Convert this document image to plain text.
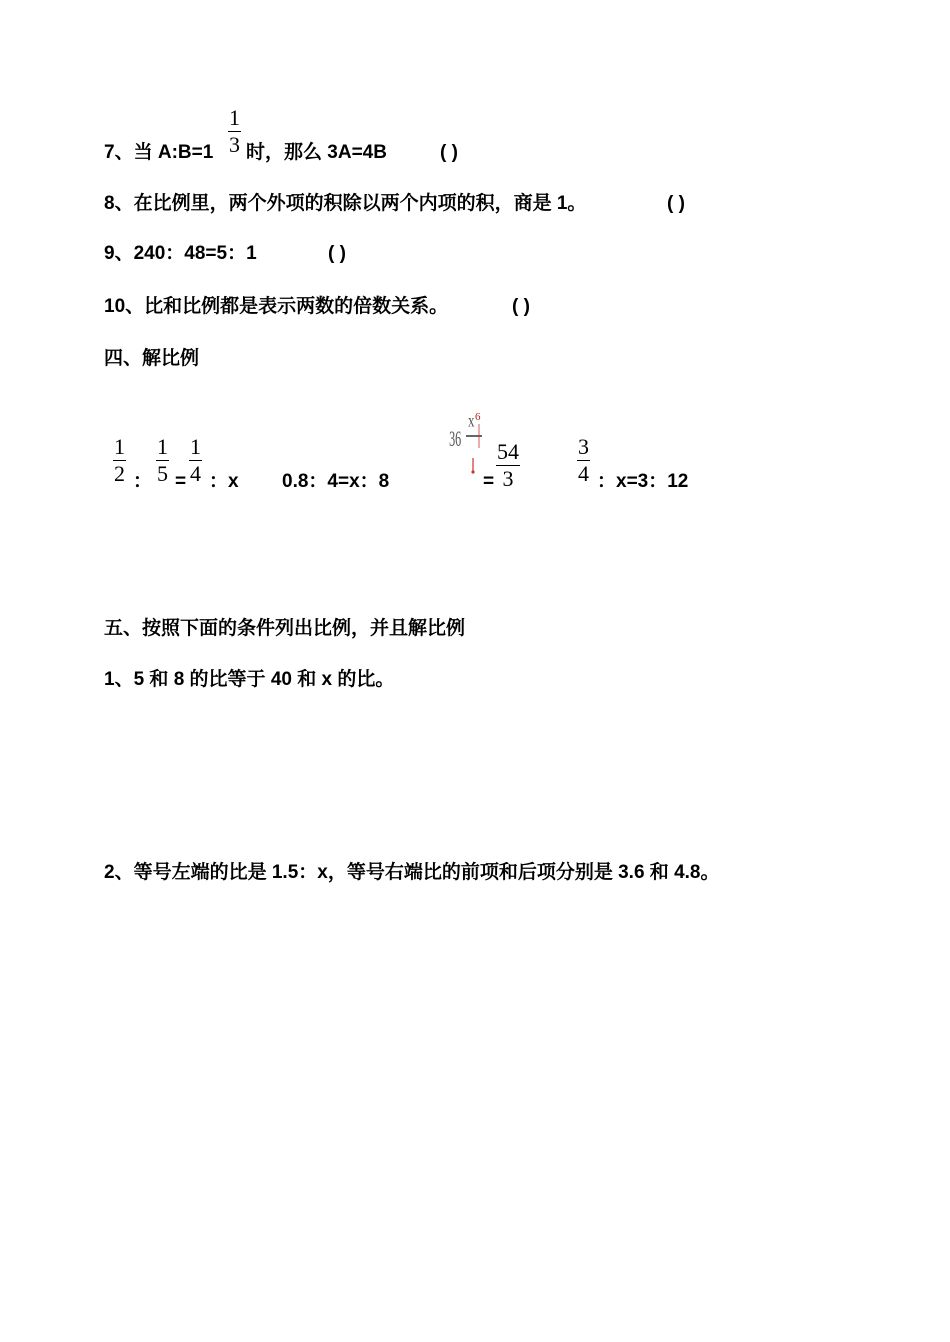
7、当 A:B=1 $\frac{1}{3}$ 时，那么 3A=4B	( )
8、在比例里，两个外项的积除以两个内项的积，商是 1。	( )
9、240：48=5：1	( )
10、比和比例都是表示两数的倍数关系。	( )
四、解比例
$\frac{1}{2}$ ： $\frac{1}{5} = \frac{1}{4}$ ：x 0.8：4=x：8
36
x 6
= $\frac{54}{3}$	$\frac{3}{4}$ ：x=3：12
五、按照下面的条件列出比例，并且解比例
1、5 和 8 的比等于 40 和 x 的比。
2、等号左端的比是 1.5：x，等号右端比的前项和后项分别是 3.6 和 4.8。
